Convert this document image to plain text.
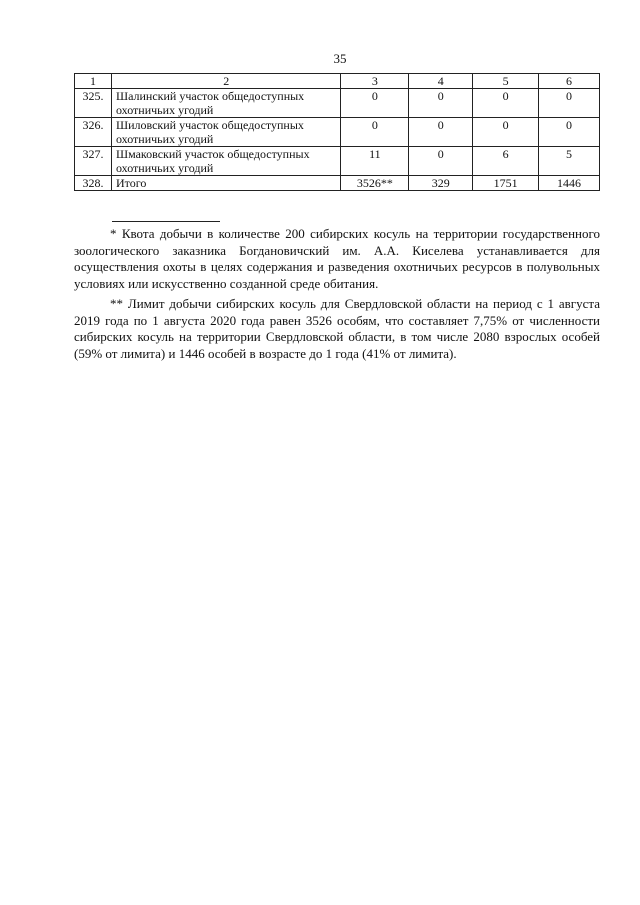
35
1	2	3	4	5	6
325.	Шалинский участок общедоступных охотничьих угодий	0	0	0	0
326.	Шиловский участок общедоступных охотничьих угодий	0	0	0	0
327.	Шмаковский участок общедоступных охотничьих угодий	11	0	6	5
328.	Итого	3526**	329	1751	1446

* Квота добычи в количестве 200 сибирских косуль на территории государственного зоологического заказника Богдановичский им. А.А. Киселева устанавливается для осуществления охоты в целях содержания и разведения охотничьих ресурсов в полувольных условиях или искусственно созданной среде обитания.

** Лимит добычи сибирских косуль для Свердловской области на период с 1 августа 2019 года по 1 августа 2020 года равен 3526 особям, что составляет 7,75% от численности сибирских косуль на территории Свердловской области, в том числе 2080 взрослых особей (59% от лимита) и 1446 особей в возрасте до 1 года (41% от лимита).
